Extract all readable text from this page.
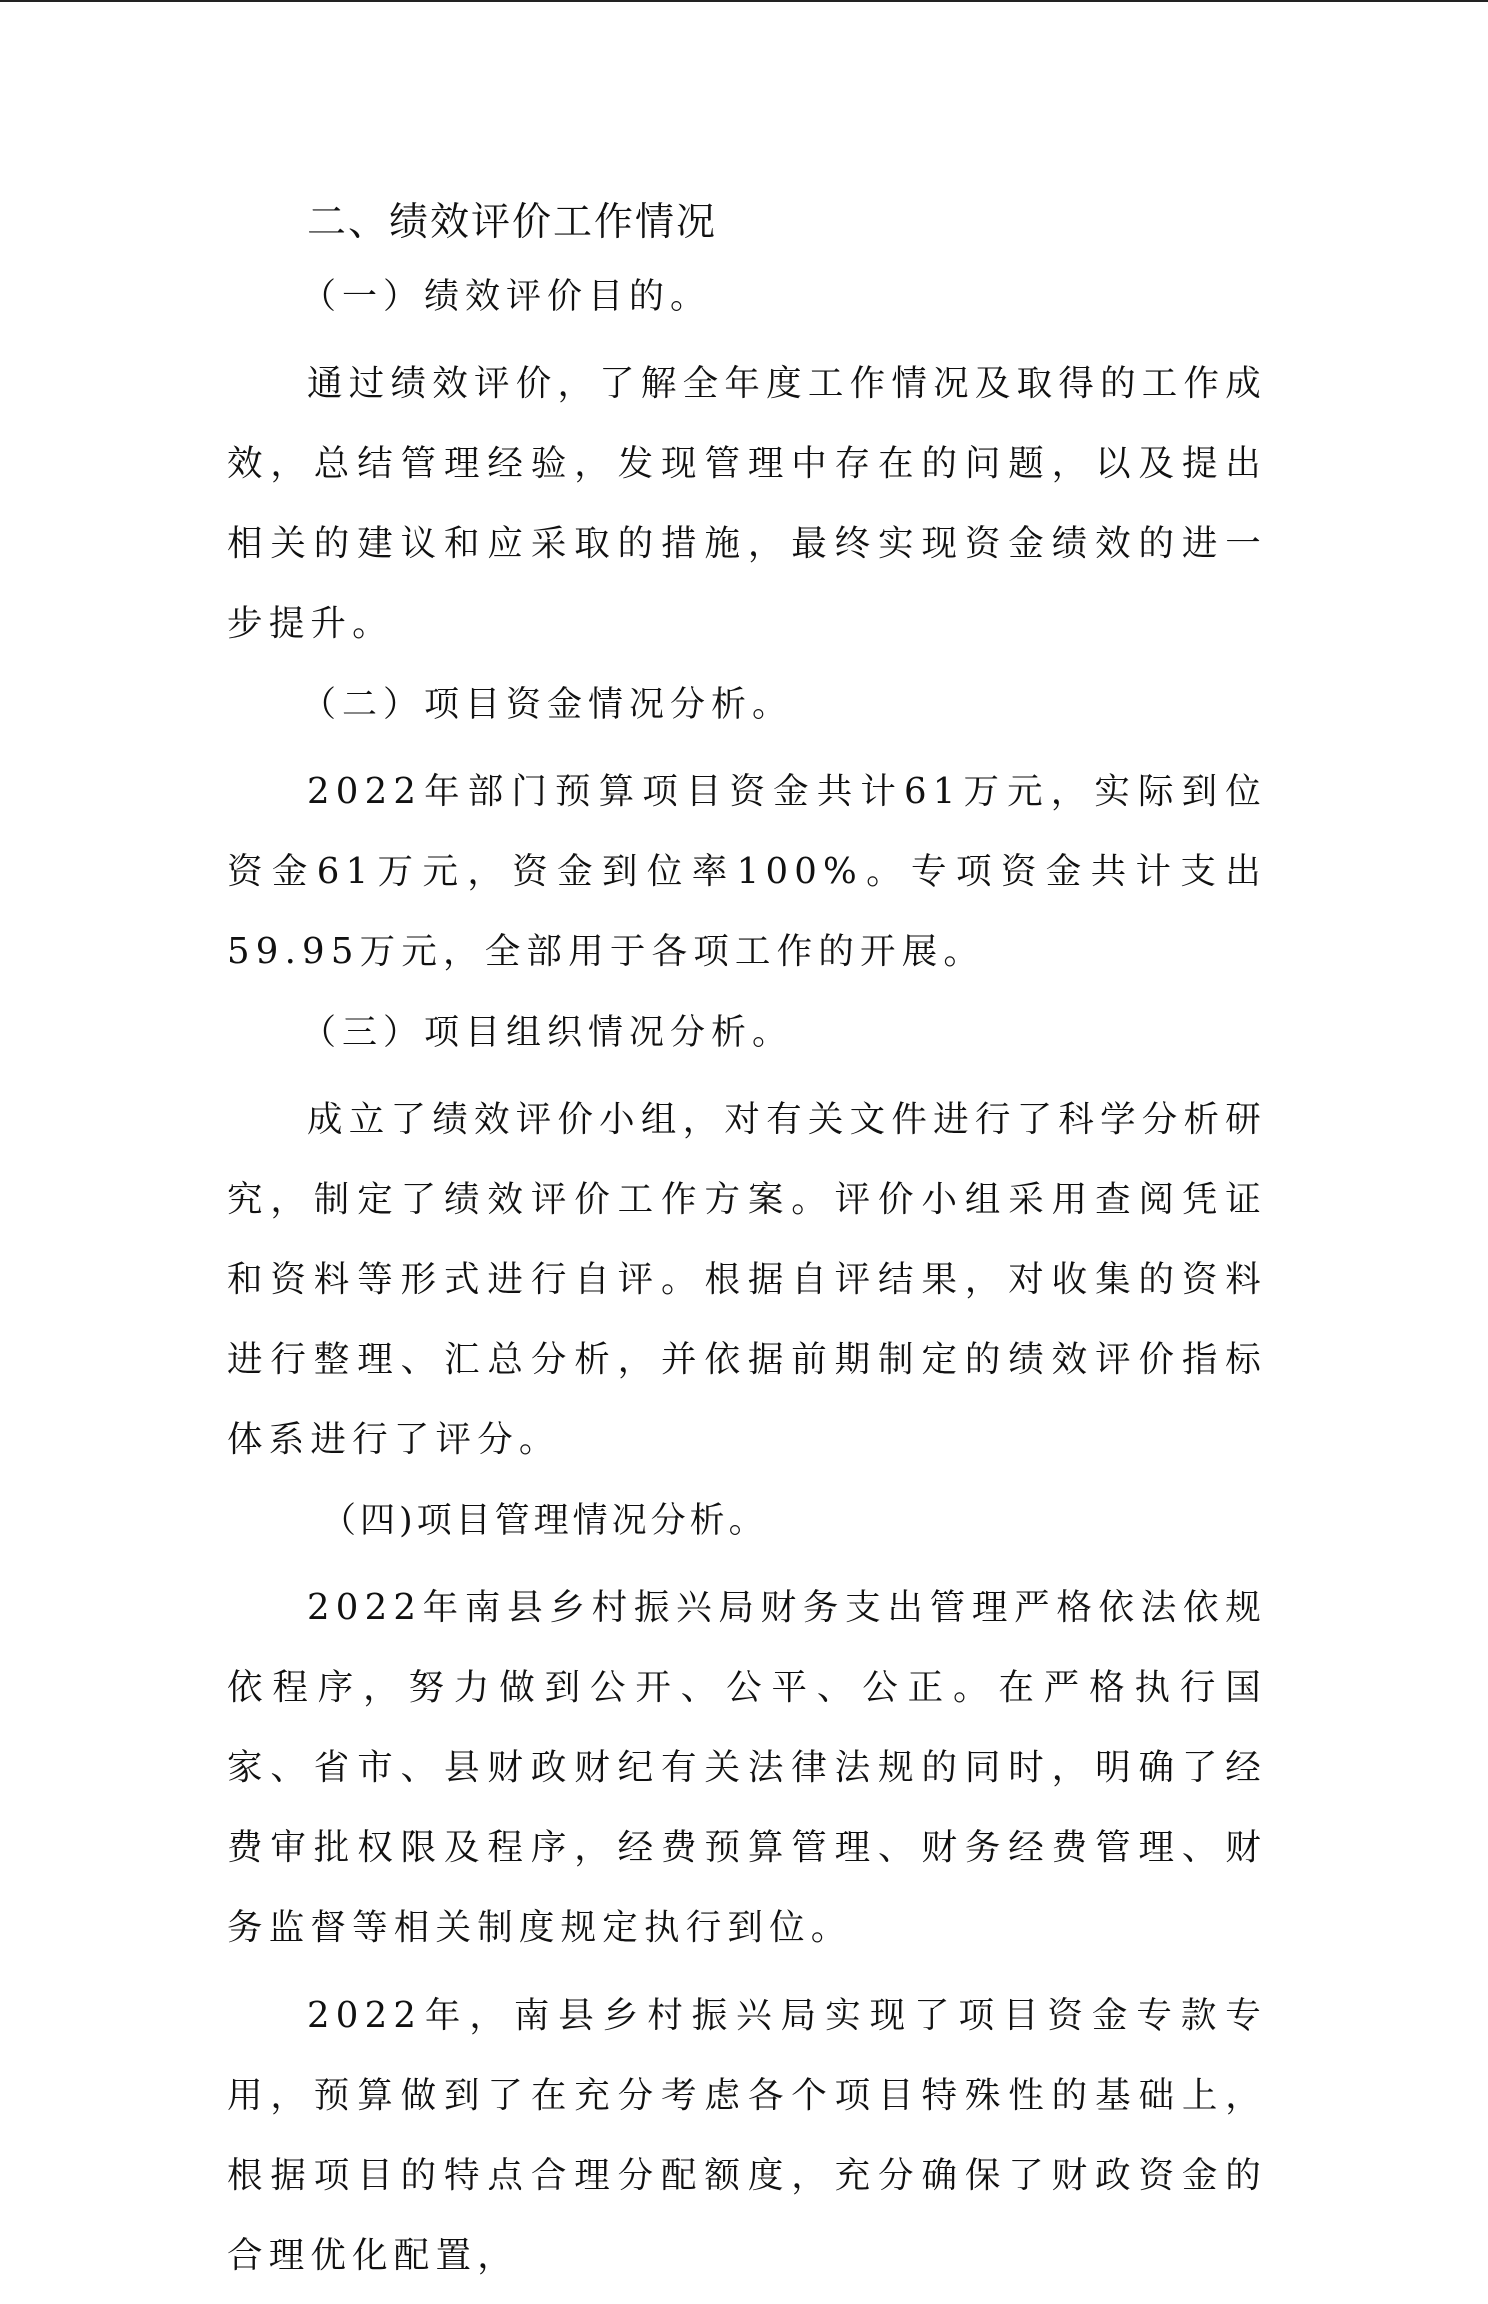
二、绩效评价工作情况
（一）绩效评价目的。

通过绩效评价，了解全年度工作情况及取得的工作成效，总结管理经验，发现管理中存在的问题，以及提出相关的建议和应采取的措施，最终实现资金绩效的进一步提升。

（二）项目资金情况分析。

2022年部门预算项目资金共计61万元，实际到位资金61万元，资金到位率100%。专项资金共计支出59.95万元，全部用于各项工作的开展。

（三）项目组织情况分析。

成立了绩效评价小组，对有关文件进行了科学分析研究，制定了绩效评价工作方案。评价小组采用查阅凭证和资料等形式进行自评。根据自评结果，对收集的资料进行整理、汇总分析，并依据前期制定的绩效评价指标体系进行了评分。

（四)项目管理情况分析。

2022年南县乡村振兴局财务支出管理严格依法依规依程序，努力做到公开、公平、公正。在严格执行国家、省市、县财政财纪有关法律法规的同时，明确了经费审批权限及程序，经费预算管理、财务经费管理、财务监督等相关制度规定执行到位。

2022年，南县乡村振兴局实现了项目资金专款专用，预算做到了在充分考虑各个项目特殊性的基础上，根据项目的特点合理分配额度，充分确保了财政资金的合理优化配置，
